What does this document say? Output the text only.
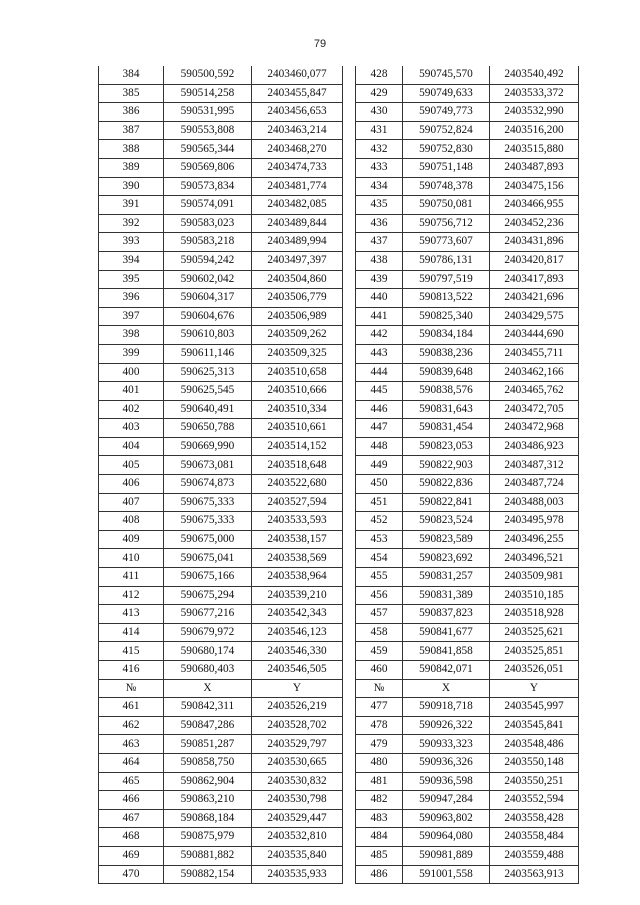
79
384	590500,592	2403460,077		428	590745,570	2403540,492
385	590514,258	2403455,847		429	590749,633	2403533,372
386	590531,995	2403456,653		430	590749,773	2403532,990
387	590553,808	2403463,214		431	590752,824	2403516,200
388	590565,344	2403468,270		432	590752,830	2403515,880
389	590569,806	2403474,733		433	590751,148	2403487,893
390	590573,834	2403481,774		434	590748,378	2403475,156
391	590574,091	2403482,085		435	590750,081	2403466,955
392	590583,023	2403489,844		436	590756,712	2403452,236
393	590583,218	2403489,994		437	590773,607	2403431,896
394	590594,242	2403497,397		438	590786,131	2403420,817
395	590602,042	2403504,860		439	590797,519	2403417,893
396	590604,317	2403506,779		440	590813,522	2403421,696
397	590604,676	2403506,989		441	590825,340	2403429,575
398	590610,803	2403509,262		442	590834,184	2403444,690
399	590611,146	2403509,325		443	590838,236	2403455,711
400	590625,313	2403510,658		444	590839,648	2403462,166
401	590625,545	2403510,666		445	590838,576	2403465,762
402	590640,491	2403510,334		446	590831,643	2403472,705
403	590650,788	2403510,661		447	590831,454	2403472,968
404	590669,990	2403514,152		448	590823,053	2403486,923
405	590673,081	2403518,648		449	590822,903	2403487,312
406	590674,873	2403522,680		450	590822,836	2403487,724
407	590675,333	2403527,594		451	590822,841	2403488,003
408	590675,333	2403533,593		452	590823,524	2403495,978
409	590675,000	2403538,157		453	590823,589	2403496,255
410	590675,041	2403538,569		454	590823,692	2403496,521
411	590675,166	2403538,964		455	590831,257	2403509,981
412	590675,294	2403539,210		456	590831,389	2403510,185
413	590677,216	2403542,343		457	590837,823	2403518,928
414	590679,972	2403546,123		458	590841,677	2403525,621
415	590680,174	2403546,330		459	590841,858	2403525,851
416	590680,403	2403546,505		460	590842,071	2403526,051
№	X	Y		№	X	Y
461	590842,311	2403526,219		477	590918,718	2403545,997
462	590847,286	2403528,702		478	590926,322	2403545,841
463	590851,287	2403529,797		479	590933,323	2403548,486
464	590858,750	2403530,665		480	590936,326	2403550,148
465	590862,904	2403530,832		481	590936,598	2403550,251
466	590863,210	2403530,798		482	590947,284	2403552,594
467	590868,184	2403529,447		483	590963,802	2403558,428
468	590875,979	2403532,810		484	590964,080	2403558,484
469	590881,882	2403535,840		485	590981,889	2403559,488
470	590882,154	2403535,933		486	591001,558	2403563,913
